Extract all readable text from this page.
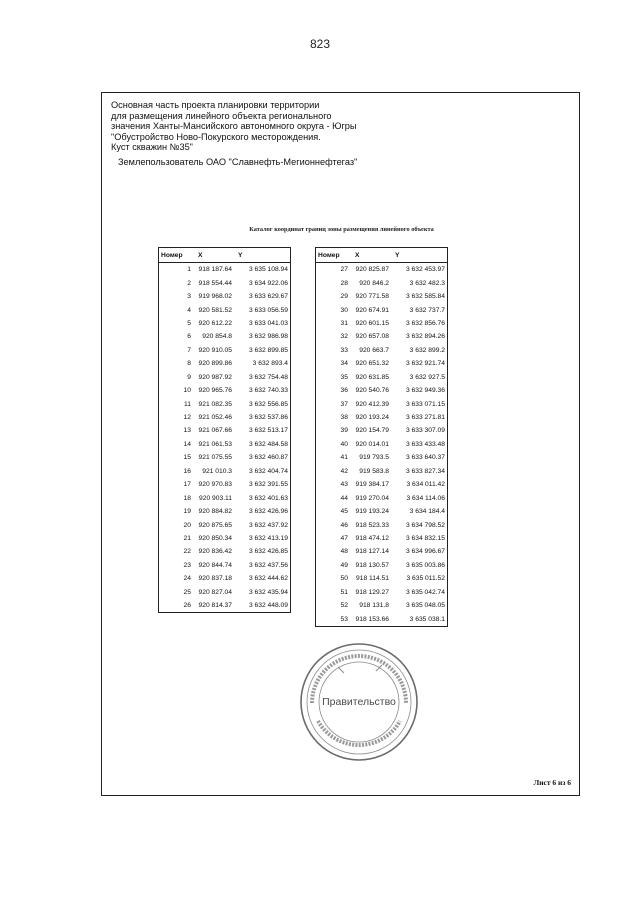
823
Основная часть проекта планировки территории
для размещения линейного объекта регионального
значения Ханты-Мансийского автономного округа - Югры
"Обустройство Ново-Покурского месторождения.
Куст скважин №35"
Землепользователь ОАО "Славнефть-Мегионнефтегаз"
Каталог координат границ зоны размещения линейного объекта
Номер	X	Y
1	918 187.64	3 635 108.94
2	918 554.44	3 634 922.06
3	919 968.02	3 633 629.67
4	920 581.52	3 633 056.59
5	920 612.22	3 633 041.03
6	920 854.8	3 632 986.98
7	920 910.05	3 632 899.85
8	920 899.86	3 632 893.4
9	920 987.92	3 632 754.48
10	920 965.76	3 632 740.33
11	921 082.35	3 632 556.85
12	921 052.46	3 632 537.86
13	921 067.66	3 632 513.17
14	921 061.53	3 632 484.58
15	921 075.55	3 632 460.87
16	921 010.3	3 632 404.74
17	920 970.83	3 632 391.55
18	920 903.11	3 632 401.63
19	920 884.82	3 632 426.96
20	920 875.65	3 632 437.92
21	920 850.34	3 632 413.19
22	920 836.42	3 632 426.85
23	920 844.74	3 632 437.56
24	920 837.18	3 632 444.62
25	920 827.04	3 632 435.94
26	920 814.37	3 632 448.09
Номер	X	Y
27	920 825.87	3 632 453.97
28	920 846.2	3 632 482.3
29	920 771.58	3 632 585.84
30	920 674.91	3 632 737.7
31	920 601.15	3 632 856.76
32	920 657.08	3 632 894.26
33	920 663.7	3 632 899.2
34	920 651.32	3 632 921.74
35	920 631.85	3 632 927.5
36	920 540.76	3 632 949.36
37	920 412.39	3 633 071.15
38	920 193.24	3 633 271.81
39	920 154.79	3 633 307.09
40	920 014.01	3 633 433.48
41	919 793.5	3 633 640.37
42	919 583.8	3 633 827.34
43	919 384.17	3 634 011.42
44	919 270.04	3 634 114.06
45	919 193.24	3 634 184.4
46	918 523.33	3 634 798.52
47	918 474.12	3 634 832.15
48	918 127.14	3 634 996.67
49	918 130.57	3 635 003.86
50	918 114.51	3 635 011.52
51	918 129.27	3 635 042.74
52	918 131.8	3 635 048.05
53	918 153.66	3 635 038.1
Правительство
Лист 6 из 6
